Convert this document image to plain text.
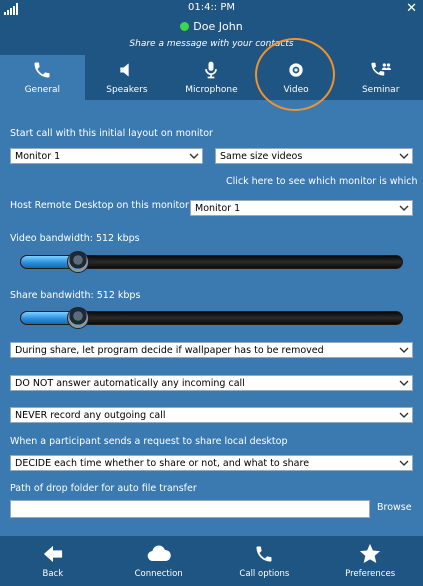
01:4:: PM	✕
Doe John
Share a message with your contacts
General	Speakers	Microphone	Video	Seminar
Start call with this initial layout on monitor
Monitor 1	Same size videos
Click here to see which monitor is which
Host Remote Desktop on this monitor Monitor 1
Video bandwidth: 512 kbps
Share bandwidth: 512 kbps
During share, let program decide if wallpaper has to be removed
DO NOT answer automatically any incoming call
NEVER record any outgoing call
When a participant sends a request to share local desktop
DECIDE each time whether to share or not, and what to share
Path of drop folder for auto file transfer
Browse
Back	Connection	Call options	Preferences
